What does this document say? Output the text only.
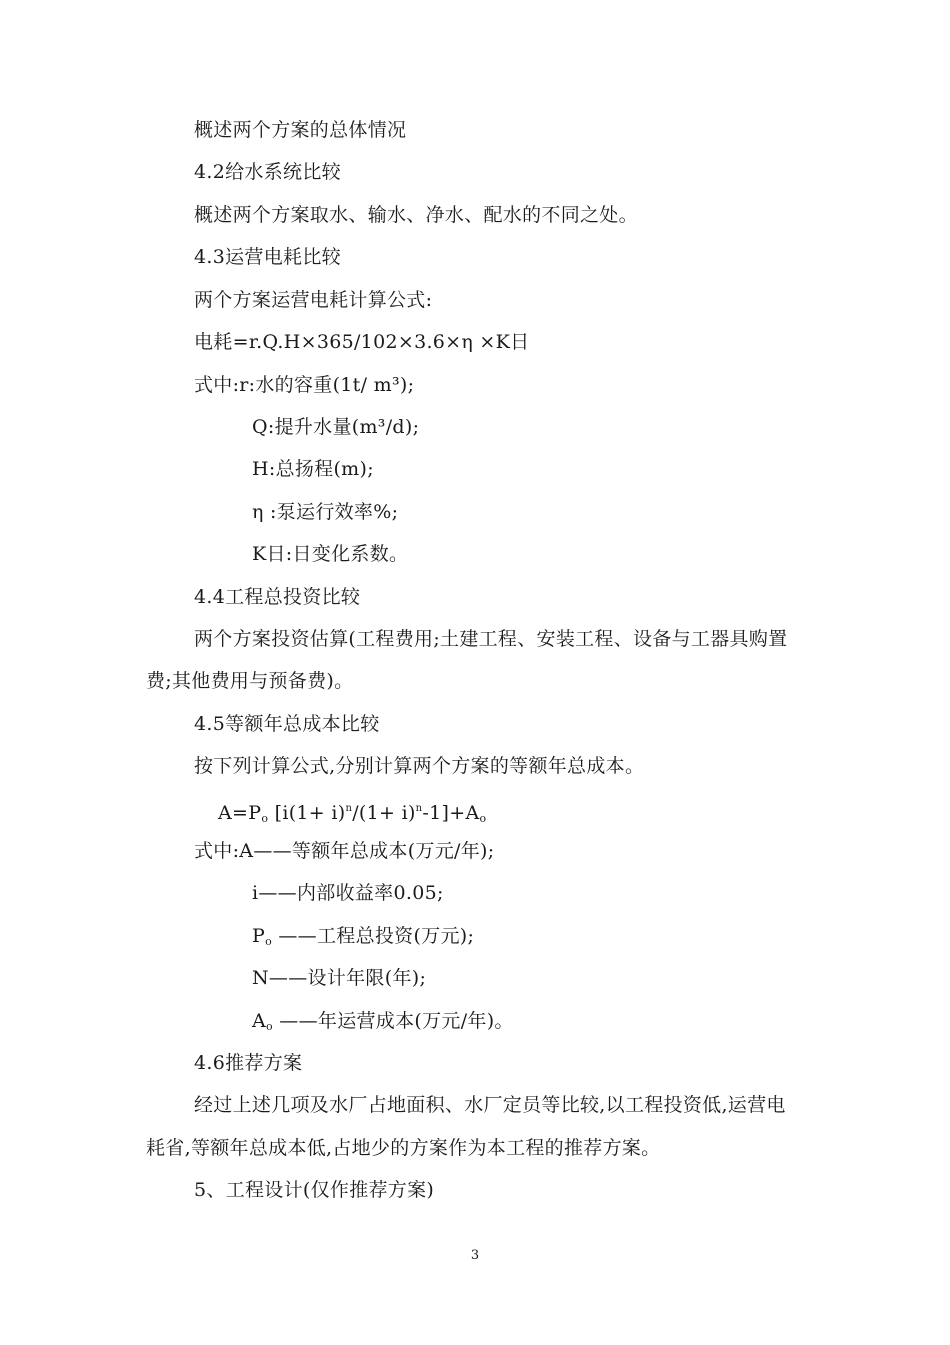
概述两个方案的总体情况
4.2给水系统比较
概述两个方案取水、输水、净水、配水的不同之处。
4.3运营电耗比较
两个方案运营电耗计算公式:
电耗=r.Q.H×365/102×3.6×η ×K日
式中:r:水的容重(1t/ m³);
Q:提升水量(m³/d);
H:总扬程(m);
η :泵运行效率%;
K日:日变化系数。
4.4工程总投资比较
两个方案投资估算(工程费用;土建工程、安装工程、设备与工器具购置
费;其他费用与预备费)。
4.5等额年总成本比较
按下列计算公式,分别计算两个方案的等额年总成本。
$A=P_o$ $[i(1+ i)^n/(1+ i)^n-1]+A_o$
式中:A——等额年总成本(万元/年);
i——内部收益率0.05;
$P_o$ ——工程总投资(万元);
N——设计年限(年);
$A_o$ ——年运营成本(万元/年)。
4.6推荐方案
经过上述几项及水厂占地面积、水厂定员等比较,以工程投资低,运营电
耗省,等额年总成本低,占地少的方案作为本工程的推荐方案。
5、工程设计(仅作推荐方案)
3
